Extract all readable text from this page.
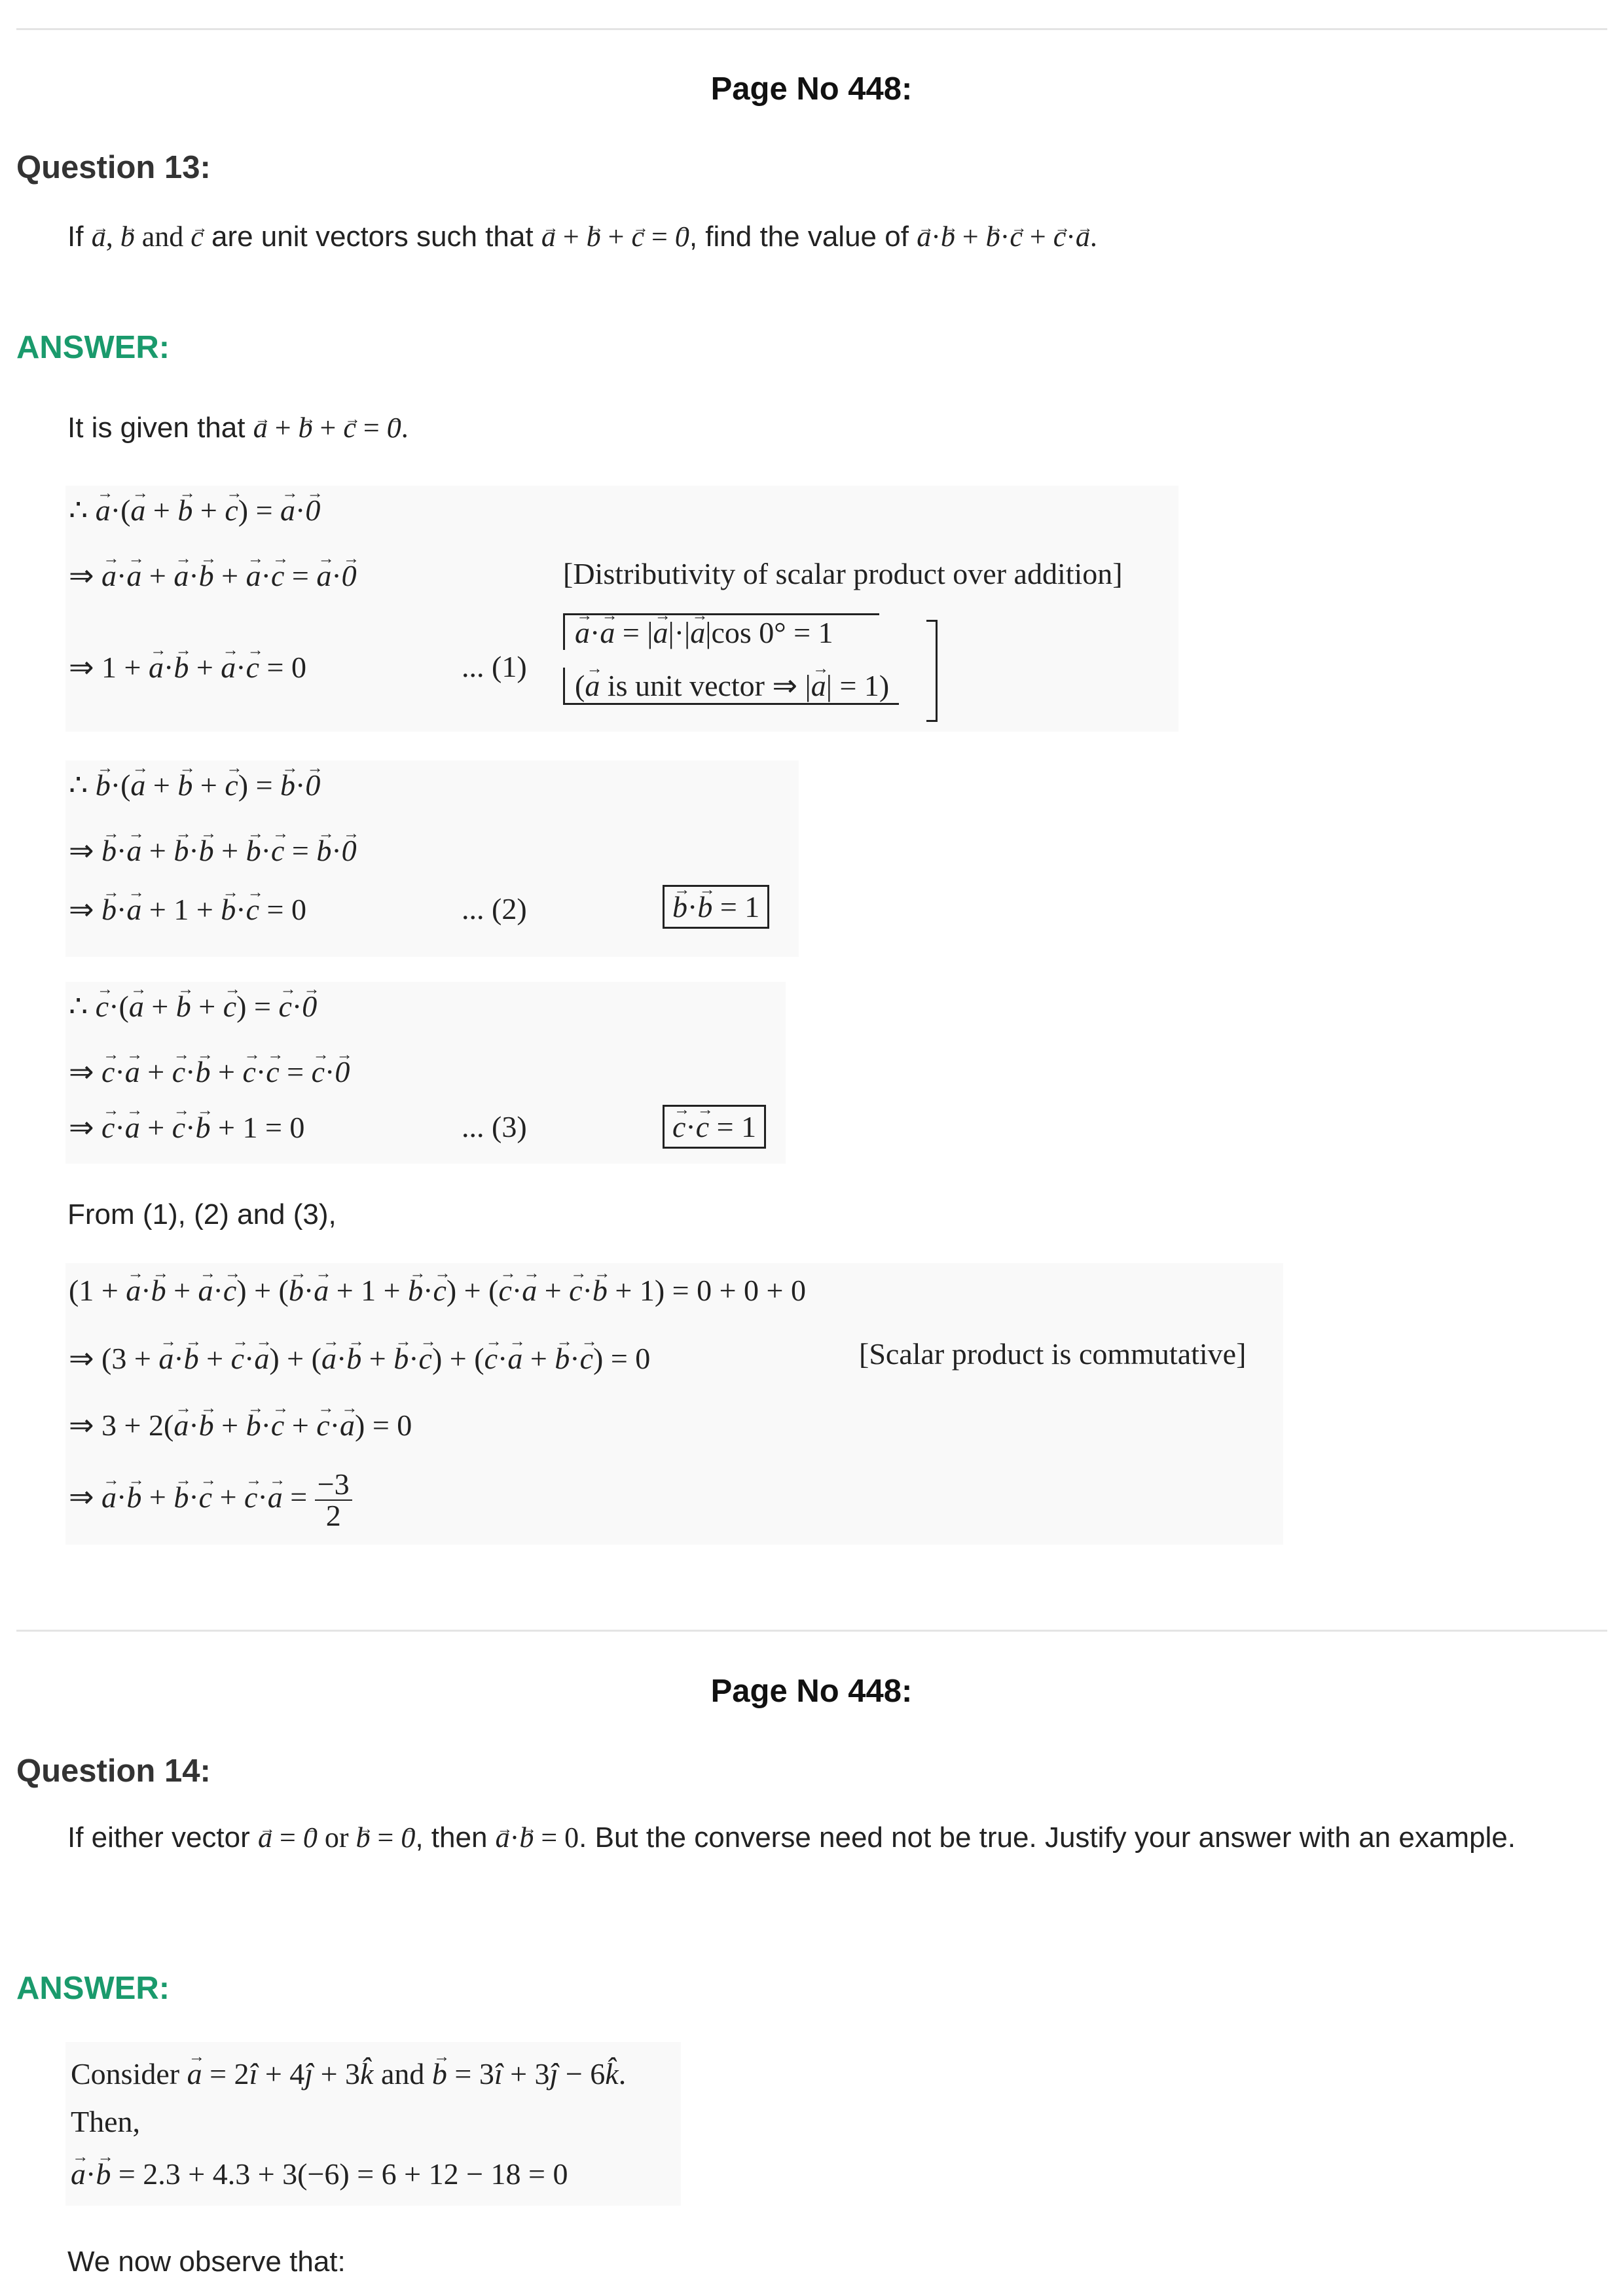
Page No 448:
Question 13:
If a →, b → and c → are unit vectors such that a → + b → + c → = 0 →, find the value of a →·b → + b →·c → + c →·a →.
ANSWER:
It is given that a → + b → + c → = 0 →.
∴ a →·(a → + b → + c →) = a →·0 →
⇒ a →·a → + a →·b → + a →·c → = a →·0 →	[Distributivity of scalar product over addition]
⇒ 1 + a →·b → + a →·c → = 0	... (1)
a →·a → = |a →|·|a →|cos 0° = 1
(a → is unit vector ⇒ |a →| = 1)
∴ b →·(a → + b → + c →) = b →·0 →
⇒ b →·a → + b →·b → + b →·c → = b →·0 →
⇒ b →·a → + 1 + b →·c → = 0	... (2)	b →·b → = 1
∴ c →·(a → + b → + c →) = c →·0 →
⇒ c →·a → + c →·b → + c →·c → = c →·0 →
⇒ c →·a → + c →·b → + 1 = 0	... (3)	c →·c → = 1
From (1), (2) and (3),
(1 + a →·b → + a →·c →) + (b →·a → + 1 + b →·c →) + (c →·a → + c →·b → + 1) = 0 + 0 + 0
⇒ (3 + a →·b → + c →·a →) + (a →·b → + b →·c →) + (c →·a → + b →·c →) = 0	[Scalar product is commutative]
⇒ 3 + 2(a →·b → + b →·c → + c →·a →) = 0
⇒ a →·b → + b →·c → + c →·a → = $\frac{-3}{2}$
Page No 448:
Question 14:
If either vector a → = 0 → or b → = 0 →, then a →·b → = 0. But the converse need not be true. Justify your answer with an example.
ANSWER:
Consider a → = 2î + 4ĵ + 3k̂ and b → = 3î + 3ĵ − 6k̂.
Then,
a →·b → = 2.3 + 4.3 + 3(−6) = 6 + 12 − 18 = 0
We now observe that:
